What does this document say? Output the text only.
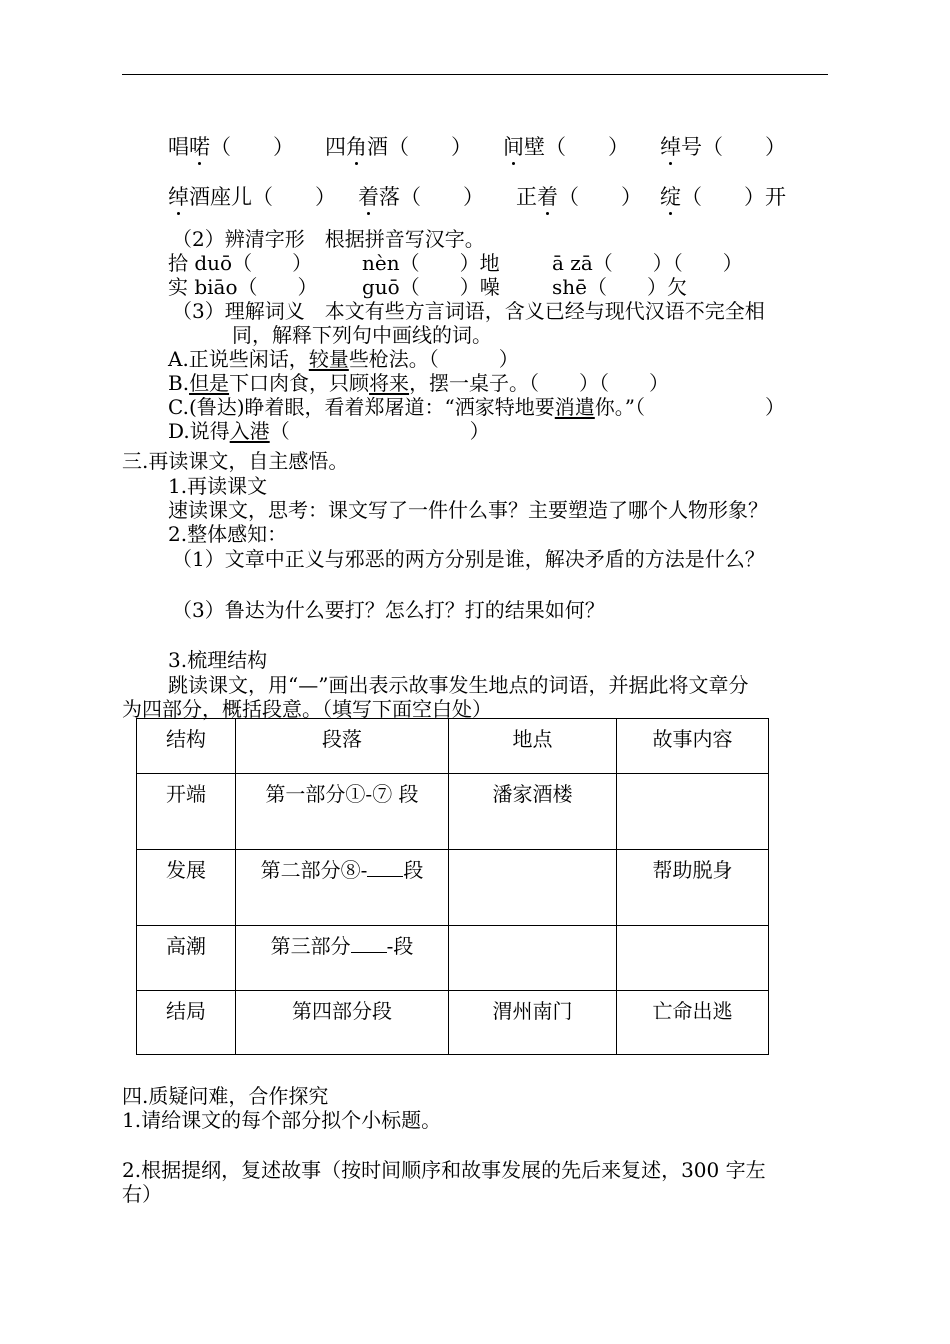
唱喏（　　） 四角酒（　　） 间壁（　　） 绰号（　　）
绰酒座儿（　　） 着落（　　） 正着（　　） 绽（　　）开
（2）辨清字形　根据拼音写汉字。
拾 duō（　　） nèn（　　）地	ā zā（　　）（　　）
实 biāo（　　） guō（　　）噪	shē（　　）欠
（3）理解词义　本文有些方言词语，含义已经与现代汉语不完全相
同，解释下列句中画线的词。
A.正说些闲话，较量些枪法。（　　　）
B.但是下口肉食，只顾将来，摆一桌子。（　　）（　　）
C.(鲁达)睁着眼，看着郑屠道：“洒家特地要消遣你。”（　　　　　　）
D.说得入港（　　　　　　　　　）
三.再读课文，自主感悟。
1.再读课文
速读课文，思考：课文写了一件什么事？主要塑造了哪个人物形象？
2.整体感知：
（1）文章中正义与邪恶的两方分别是谁，解决矛盾的方法是什么？
（3）鲁达为什么要打？怎么打？打的结果如何？
3.梳理结构
跳读课文，用“—”画出表示故事发生地点的词语，并据此将文章分
为四部分，概括段意。（填写下面空白处）
结构	段落	地点	故事内容
开端	第一部分①-⑦ 段	潘家酒楼	
发展	第二部分⑧- 段		帮助脱身
高潮	第三部分 -段		
结局	第四部分段	渭州南门	亡命出逃
四.质疑问难，合作探究
1.请给课文的每个部分拟个小标题。
2.根据提纲，复述故事（按时间顺序和故事发展的先后来复述，300 字左
右）
